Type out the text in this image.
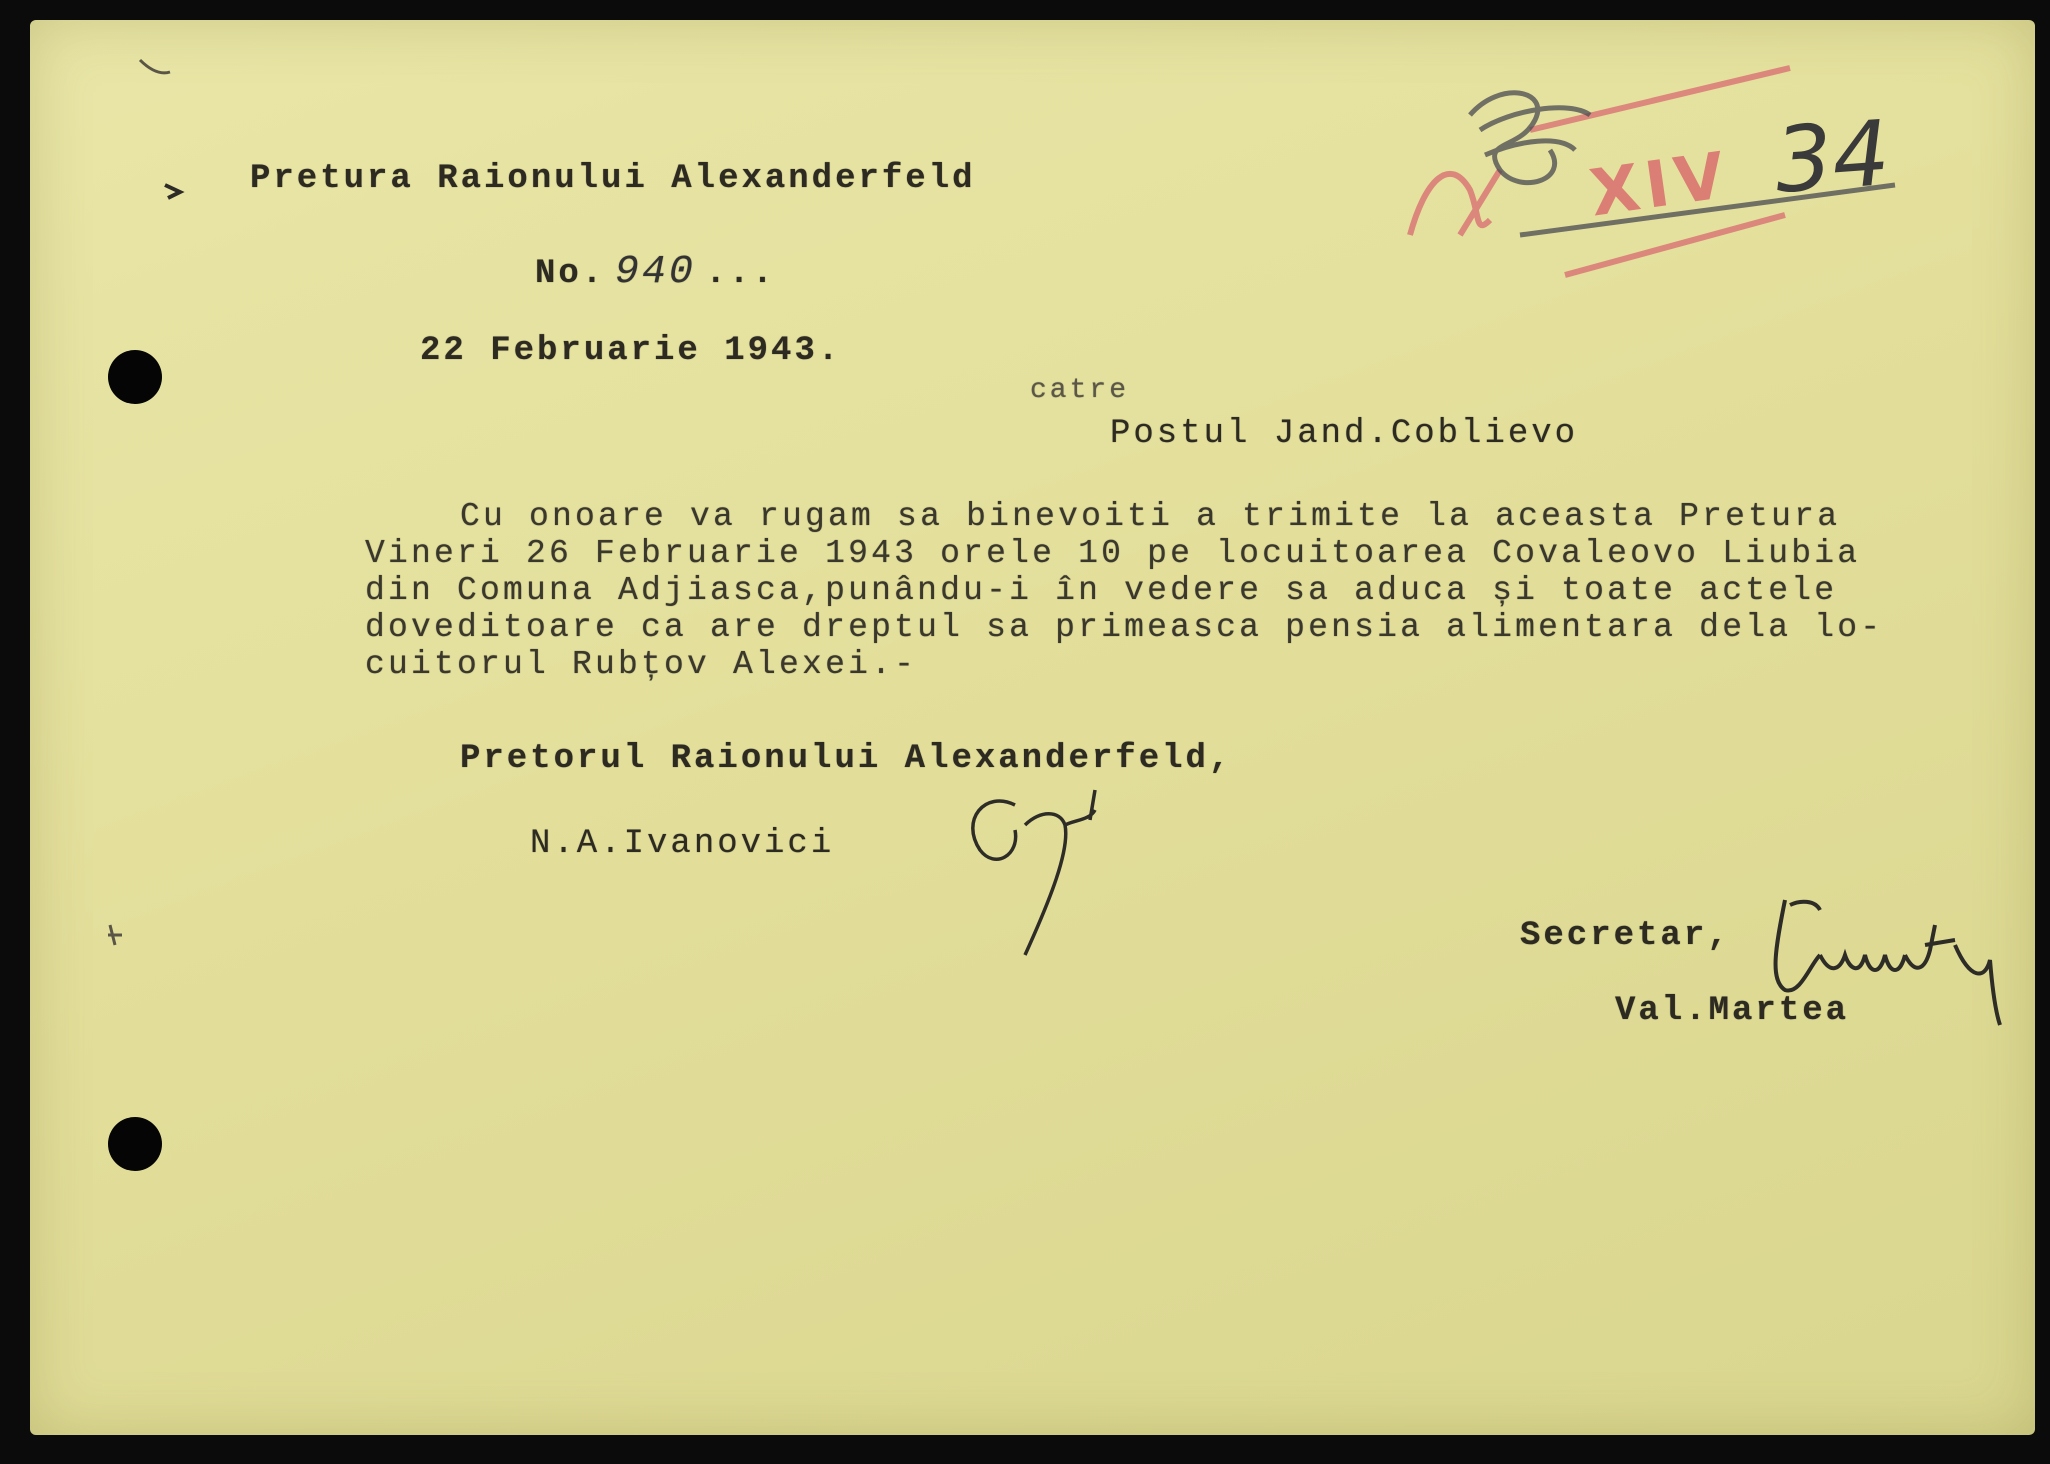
XIV 34
Pretura Raionului Alexanderfeld
No. 940 ...
22 Februarie 1943.
catre
Postul Jand.Coblievo
Cu onoare va rugam sa binevoiti a trimite la aceasta Pretura
Vineri 26 Februarie 1943 orele 10 pe locuitoarea Covaleovo Liubia
din Comuna Adjiasca,punându-i în vedere sa aduca și toate actele
doveditoare ca are dreptul sa primeasca pensia alimentara dela lo-
cuitorul Rubțov Alexei.-
Pretorul Raionului Alexanderfeld,
N.A.Ivanovici
Secretar,
Val.Martea
